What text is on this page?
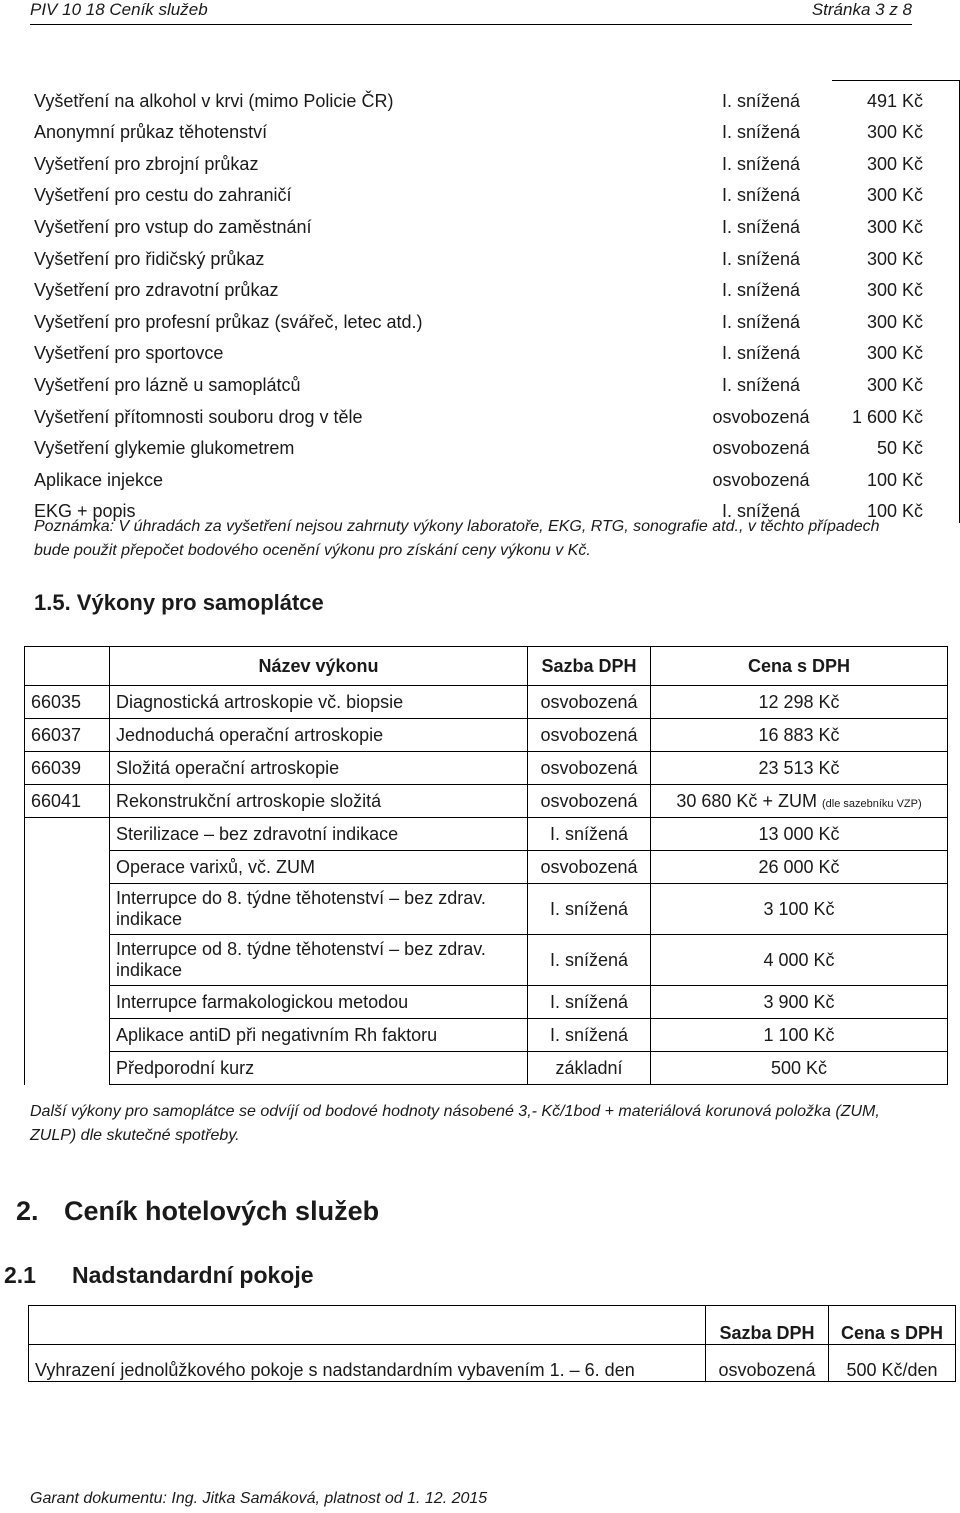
PIV 10 18 Ceník služeb	Stránka 3 z 8
Vyšetření na alkohol v krvi (mimo Policie ČR)	I. snížená	491 Kč
Anonymní průkaz těhotenství	I. snížená	300 Kč
Vyšetření pro zbrojní průkaz	I. snížená	300 Kč
Vyšetření pro cestu do zahraničí	I. snížená	300 Kč
Vyšetření pro vstup do zaměstnání	I. snížená	300 Kč
Vyšetření pro řidičský průkaz	I. snížená	300 Kč
Vyšetření pro zdravotní průkaz	I. snížená	300 Kč
Vyšetření pro profesní průkaz (svářeč, letec atd.)	I. snížená	300 Kč
Vyšetření pro sportovce	I. snížená	300 Kč
Vyšetření pro lázně u samoplátců	I. snížená	300 Kč
Vyšetření přítomnosti souboru drog v těle	osvobozená	1 600 Kč
Vyšetření glykemie glukometrem	osvobozená	50 Kč
Aplikace injekce	osvobozená	100 Kč
EKG + popis	I. snížená	100 Kč
Poznámka: V úhradách za vyšetření nejsou zahrnuty výkony laboratoře, EKG, RTG, sonografie atd., v těchto případech bude použit přepočet bodového ocenění výkonu pro získání ceny výkonu v Kč.
1.5. Výkony pro samoplátce
	Název výkonu	Sazba DPH	Cena s DPH
66035	Diagnostická artroskopie vč. biopsie	osvobozená	12 298 Kč
66037	Jednoduchá operační artroskopie	osvobozená	16 883 Kč
66039	Složitá operační artroskopie	osvobozená	23 513 Kč
66041	Rekonstrukční artroskopie složitá	osvobozená	30 680 Kč + ZUM (dle sazebníku VZP)
	Sterilizace – bez zdravotní indikace	I. snížená	13 000 Kč
	Operace varixů, vč. ZUM	osvobozená	26 000 Kč
	Interrupce do 8. týdne těhotenství – bez zdrav. indikace	I. snížená	3 100 Kč
	Interrupce od 8. týdne těhotenství – bez zdrav. indikace	I. snížená	4 000 Kč
	Interrupce farmakologickou metodou	I. snížená	3 900 Kč
	Aplikace antiD při negativním Rh faktoru	I. snížená	1 100 Kč
	Předporodní kurz	základní	500 Kč
Další výkony pro samoplátce se odvíjí od bodové hodnoty násobené 3,- Kč/1bod + materiálová korunová položka (ZUM, ZULP) dle skutečné spotřeby.
2. Ceník hotelových služeb
2.1 Nadstandardní pokoje
	Sazba DPH	Cena s DPH
Vyhrazení jednolůžkového pokoje s nadstandardním vybavením 1. – 6. den	osvobozená	500 Kč/den
Garant dokumentu: Ing. Jitka Samáková, platnost od 1. 12. 2015
